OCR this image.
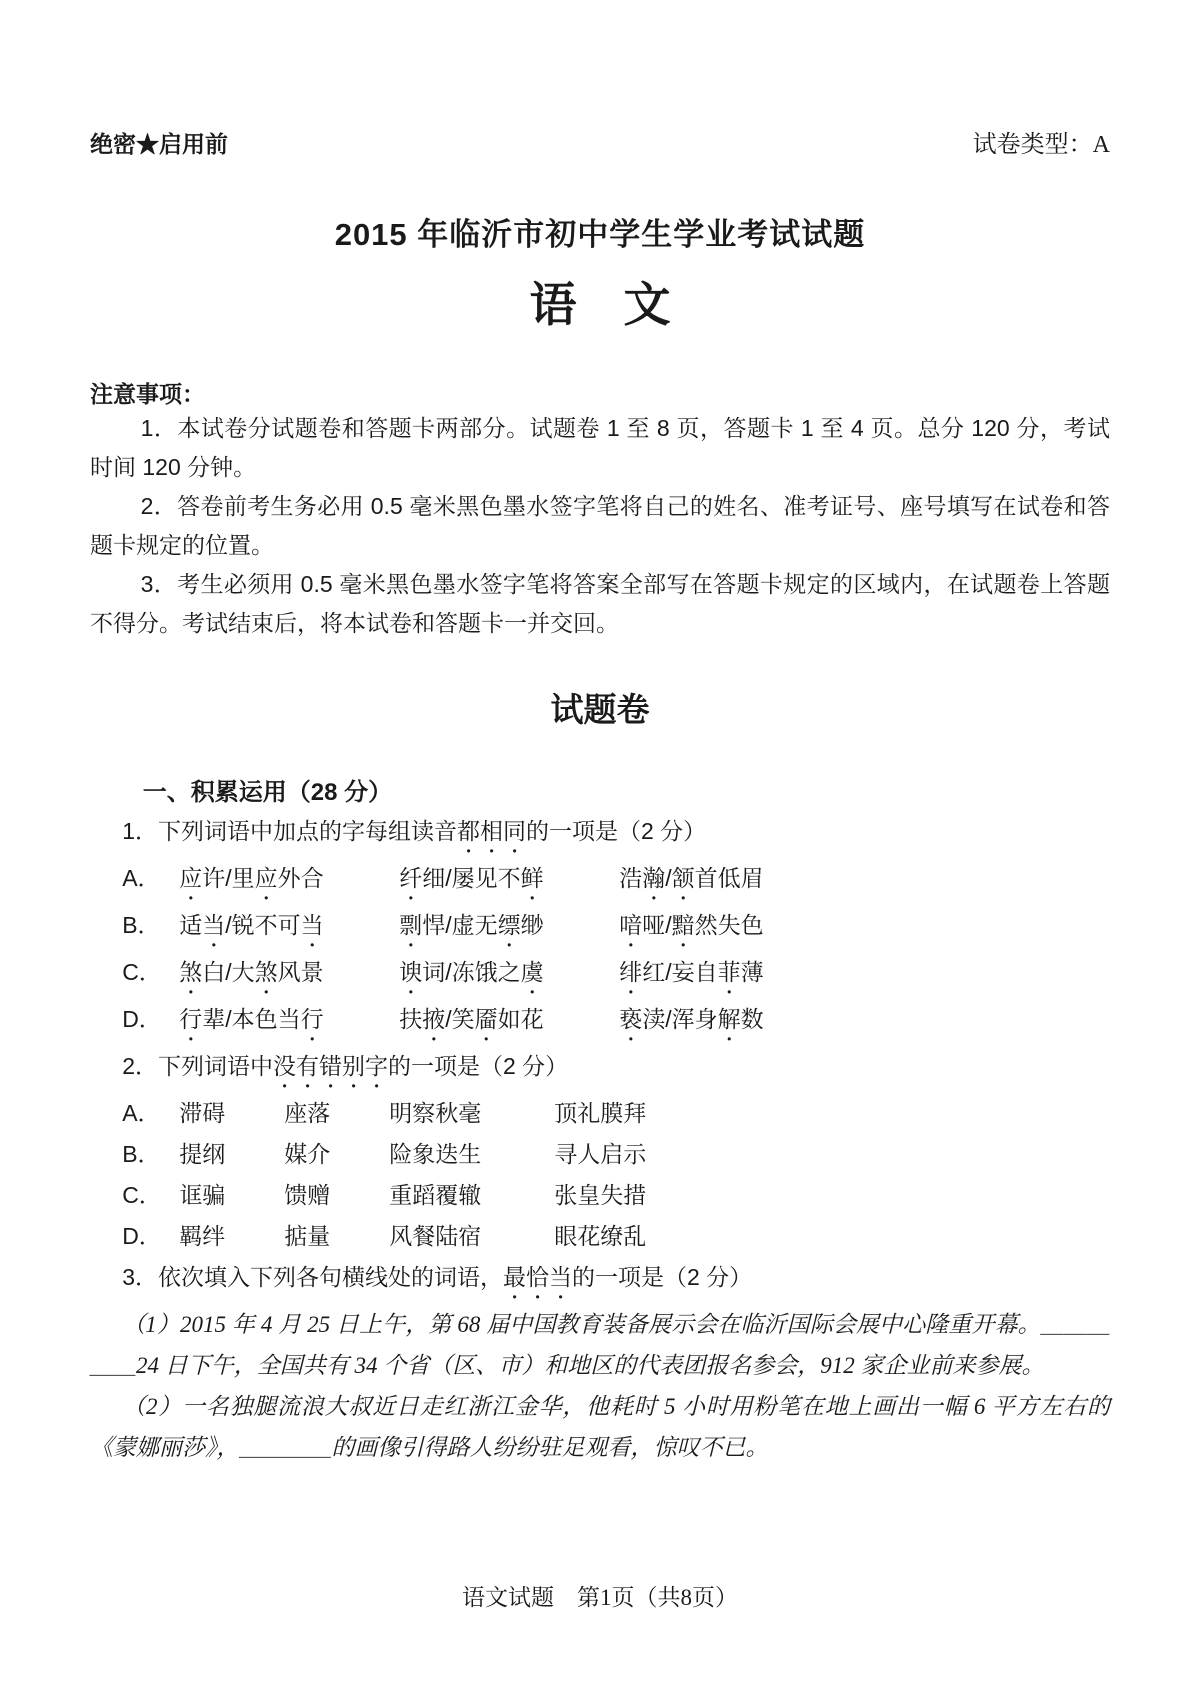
绝密★启用前	试卷类型：A
2015 年临沂市初中学生学业考试试题
语　文
注意事项：

1．本试卷分试题卷和答题卡两部分。试题卷 1 至 8 页，答题卡 1 至 4 页。总分 120 分，考试时间 120 分钟。

2．答卷前考生务必用 0.5 毫米黑色墨水签字笔将自己的姓名、准考证号、座号填写在试卷和答题卡规定的位置。

3．考生必须用 0.5 毫米黑色墨水签字笔将答案全部写在答题卡规定的区域内，在试题卷上答题不得分。考试结束后，将本试卷和答题卡一并交回。

试题卷
一、积累运用（28 分）

1．下列词语中加点的字每组读音都相同的一项是（2 分）

A． 应许/里应外合	纤细/屡见不鲜	浩瀚/颔首低眉
B． 适当/锐不可当	剽悍/虚无缥缈	喑哑/黯然失色
C． 煞白/大煞风景	谀词/冻饿之虞	绯红/妄自菲薄
D． 行辈/本色当行	扶掖/笑靥如花	亵渎/浑身解数

2．下列词语中没有错别字的一项是（2 分）

A． 滞碍	座落	明察秋毫	顶礼膜拜
B． 提纲	媒介	险象迭生	寻人启示
C． 诓骗	馈赠	重蹈覆辙	张皇失措
D． 羁绊	掂量	风餐陆宿	眼花缭乱

3．依次填入下列各句横线处的词语，最恰当的一项是（2 分）

（1）2015 年 4 月 25 日上午，第 68 届中国教育装备展示会在临沂国际会展中心隆重开幕。＿＿＿＿＿24 日下午，全国共有 34 个省（区、市）和地区的代表团报名参会，912 家企业前来参展。

（2）一名独腿流浪大叔近日走红浙江金华，他耗时 5 小时用粉笔在地上画出一幅 6 平方左右的《蒙娜丽莎》，＿＿＿＿的画像引得路人纷纷驻足观看，惊叹不已。

语文试题　第1页（共8页）
